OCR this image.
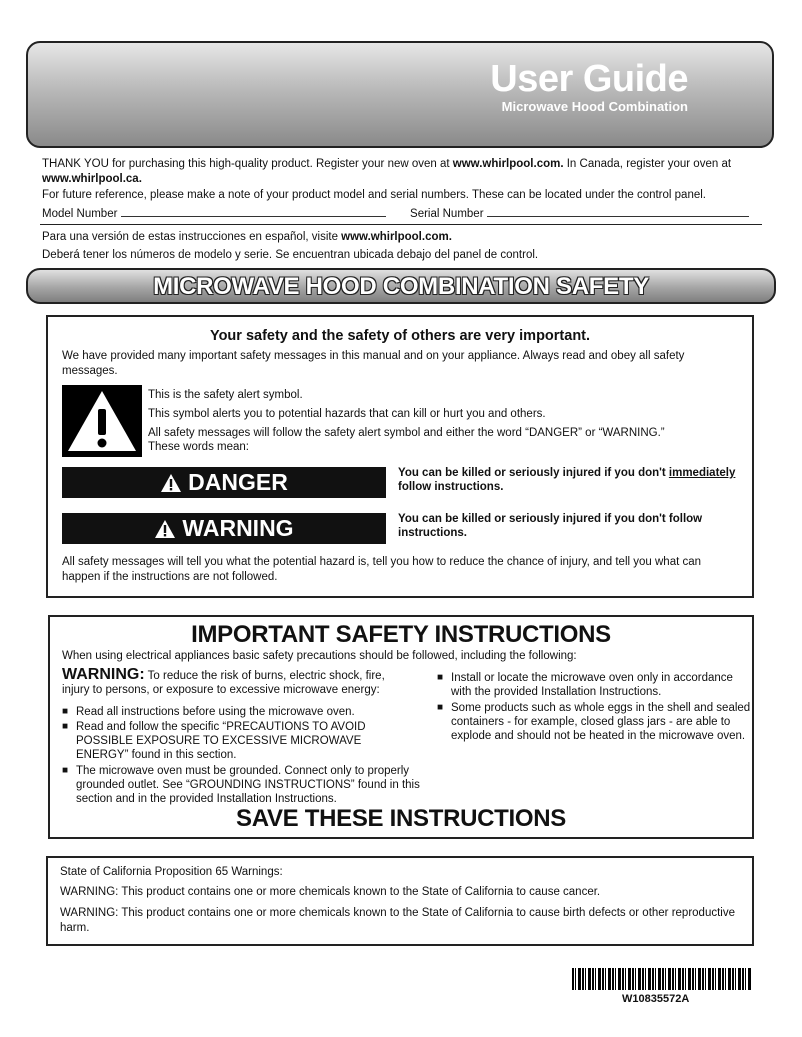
User Guide
Microwave Hood Combination
THANK YOU for purchasing this high-quality product. Register your new oven at www.whirlpool.com. In Canada, register your oven at
www.whirlpool.ca.
For future reference, please make a note of your product model and serial numbers. These can be located under the control panel.
Model Number	Serial Number
Para una versión de estas instrucciones en español, visite www.whirlpool.com.
Deberá tener los números de modelo y serie. Se encuentran ubicada debajo del panel de control.
MICROWAVE HOOD COMBINATION SAFETY
Your safety and the safety of others are very important.
We have provided many important safety messages in this manual and on your appliance. Always read and obey all safety messages.
This is the safety alert symbol.
This symbol alerts you to potential hazards that can kill or hurt you and others.
All safety messages will follow the safety alert symbol and either the word “DANGER” or “WARNING.”
These words mean:
DANGER	You can be killed or seriously injured if you don't immediately
follow instructions.
WARNING	You can be killed or seriously injured if you don't follow
instructions.
All safety messages will tell you what the potential hazard is, tell you how to reduce the chance of injury, and tell you what can happen if the instructions are not followed.
IMPORTANT SAFETY INSTRUCTIONS
When using electrical appliances basic safety precautions should be followed, including the following:
WARNING: To reduce the risk of burns, electric shock, fire,
injury to persons, or exposure to excessive microwave energy:
■ Read all instructions before using the microwave oven.
■ Read and follow the specific “PRECAUTIONS TO AVOID POSSIBLE EXPOSURE TO EXCESSIVE MICROWAVE ENERGY” found in this section.
■ The microwave oven must be grounded. Connect only to properly grounded outlet. See “GROUNDING INSTRUCTIONS” found in this section and in the provided Installation Instructions.
■ Install or locate the microwave oven only in accordance with the provided Installation Instructions.
■ Some products such as whole eggs in the shell and sealed containers - for example, closed glass jars - are able to explode and should not be heated in the microwave oven.
SAVE THESE INSTRUCTIONS
State of California Proposition 65 Warnings:
WARNING: This product contains one or more chemicals known to the State of California to cause cancer.
WARNING: This product contains one or more chemicals known to the State of California to cause birth defects or other reproductive harm.
W10835572A
